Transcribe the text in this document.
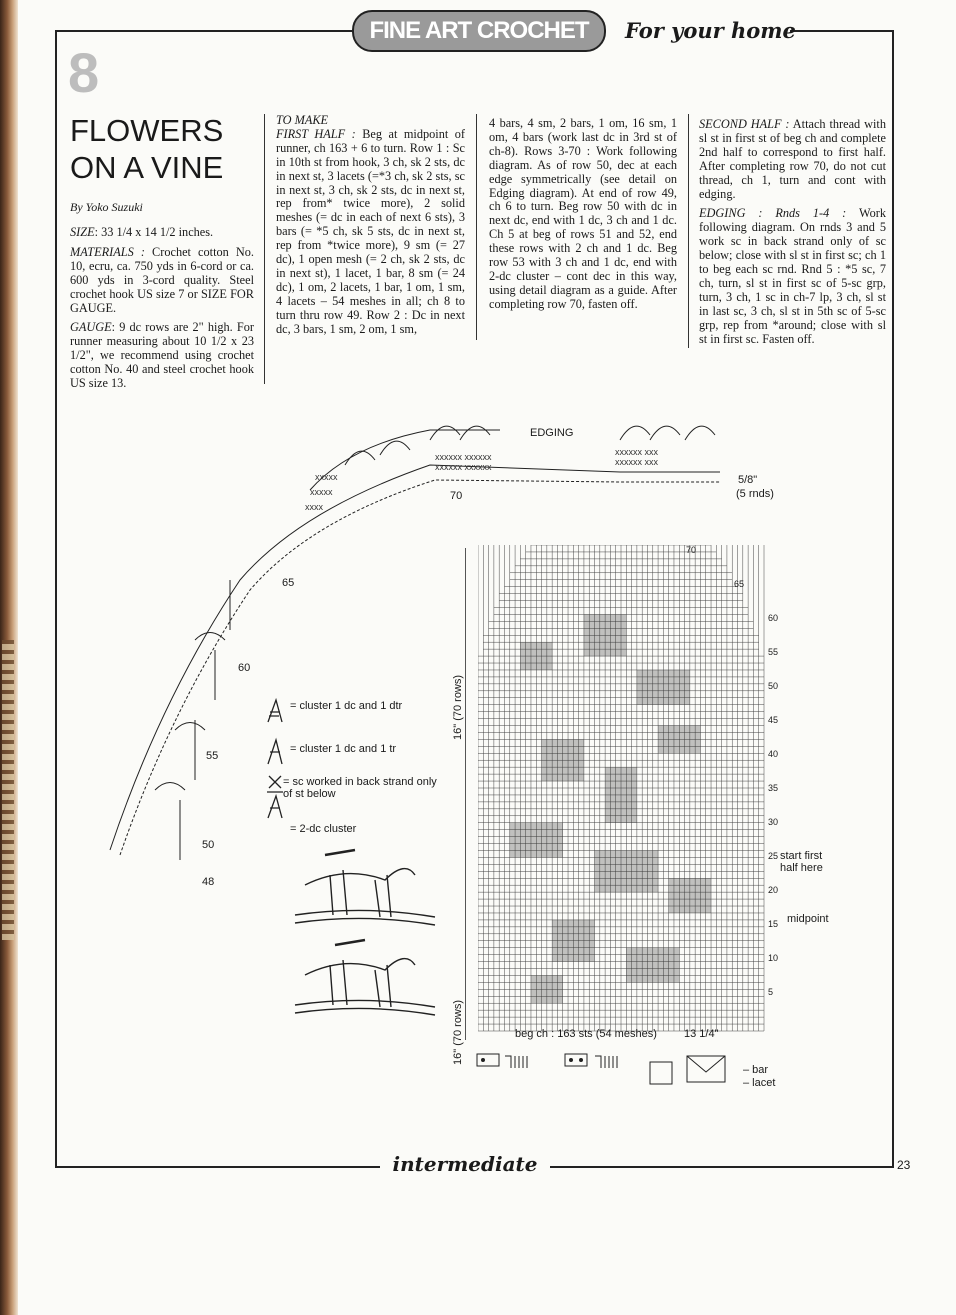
FINE ART CROCHET	For your home
8
FLOWERS
ON A VINE
By Yoko Suzuki

SIZE: 33 1/4 x 14 1/2 inches.

MATERIALS : Crochet cotton No. 10, ecru, ca. 750 yds in 6-cord or ca. 600 yds in 3-cord quality. Steel crochet hook US size 7 or SIZE FOR GAUGE.

GAUGE: 9 dc rows are 2" high. For runner measuring about 10 1/2 x 23 1/2", we recommend using crochet cotton No. 40 and steel crochet hook US size 13.

TO MAKE

FIRST HALF : Beg at midpoint of runner, ch 163 + 6 to turn. Row 1 : Sc in 10th st from hook, 3 ch, sk 2 sts, dc in next st, 3 lacets (=*3 ch, sk 2 sts, sc in next st, 3 ch, sk 2 sts, dc in next st, rep from* twice more), 2 solid meshes (= dc in each of next 6 sts), 3 bars (= *5 ch, sk 5 sts, dc in next st, rep from *twice more), 9 sm (= 27 dc), 1 open mesh (= 2 ch, sk 2 sts, dc in next st), 1 lacet, 1 bar, 8 sm (= 24 dc), 1 om, 2 lacets, 1 bar, 1 om, 1 sm, 4 lacets – 54 meshes in all; ch 8 to turn thru row 49. Row 2 : Dc in next dc, 3 bars, 1 sm, 2 om, 1 sm,

4 bars, 4 sm, 2 bars, 1 om, 16 sm, 1 om, 4 bars (work last dc in 3rd st of ch-8). Rows 3-70 : Work following diagram. As of row 50, dec at each edge symmetrically (see detail on Edging diagram). At end of row 49, ch 6 to turn. Beg row 50 with dc in next dc, end with 1 dc, 3 ch and 1 dc. Ch 5 at beg of rows 51 and 52, end these rows with 2 ch and 1 dc. Beg row 53 with 3 ch and 1 dc, end with 2-dc cluster – cont dec in this way, using detail diagram as a guide. After completing row 70, fasten off.

SECOND HALF : Attach thread with sl st in first st of beg ch and complete 2nd half to correspond to first half. After completing row 70, do not cut thread, ch 1, turn and cont with edging.

EDGING : Rnds 1-4 : Work following diagram. On rnds 3 and 5 work sc in back strand only of sc below; close with sl st in first sc; ch 1 to beg each sc rnd. Rnd 5 : *5 sc, 7 ch, turn, sl st in first sc of 5-sc grp, turn, 3 ch, 1 sc in ch-7 lp, 3 ch, sl st in last sc, 3 ch, sl st in 5th sc of 5-sc grp, rep from *around; close with sl st in first sc. Fasten off.

xxxxxx xxxxxx
xxxxxx xxxxxx
xxxxxx xxx
xxxxxx xxx
xxxxx
xxxxx
xxxx
EDGING
5/8"
(5 rnds)
70
65
60
55
50
48
= cluster 1 dc and 1 dtr
= cluster 1 dc and 1 tr
= sc worked in back strand only of st below
= 2-dc cluster
16" (70 rows)
16" (70 rows)
70
65
60
55
50
45
40
35
30
25
20
15
10
5
start first half here
midpoint
beg ch : 163 sts (54 meshes) 13 1/4"
– bar
– lacet
intermediate	23
